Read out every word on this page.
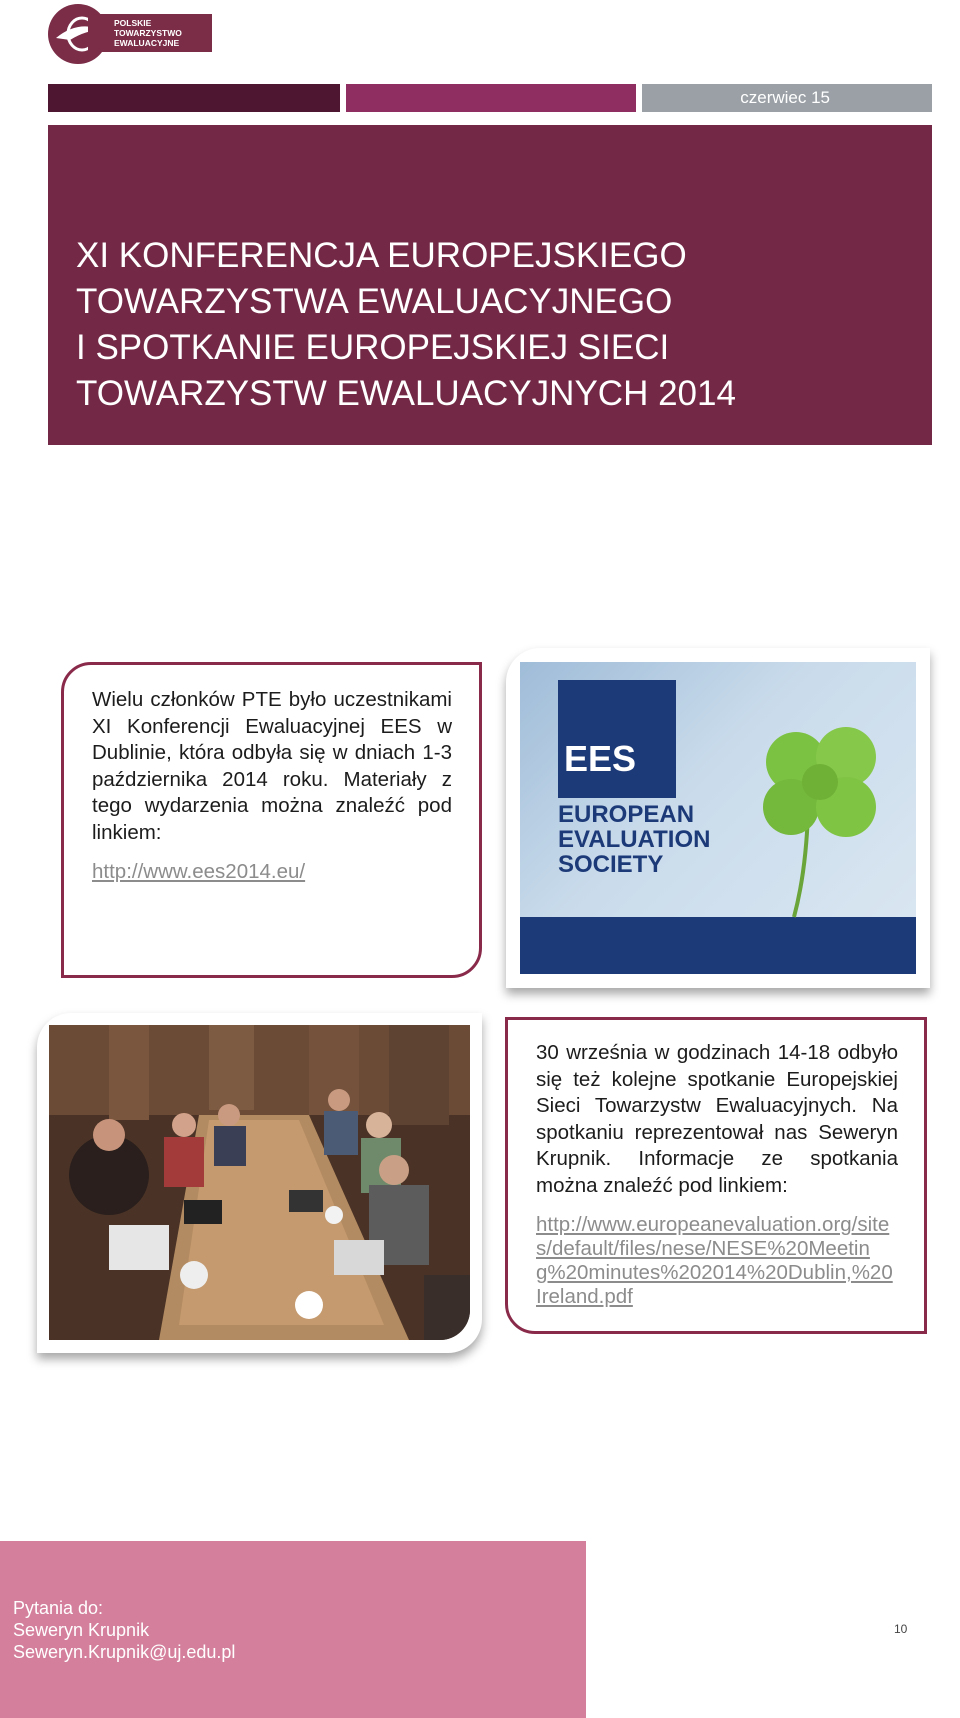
POLSKIE
TOWARZYSTWO
EWALUACYJNE
czerwiec 15
XI KONFERENCJA EUROPEJSKIEGO
TOWARZYSTWA EWALUACYJNEGO
I SPOTKANIE EUROPEJSKIEJ SIECI
TOWARZYSTW EWALUACYJNYCH 2014

Wielu członków PTE było uczestnikami XI Konferencji Ewaluacyjnej EES w Dublinie, która odbyła się w dniach 1-3 października 2014 roku. Materiały z tego wydarzenia można znaleźć pod linkiem:

http://www.ees2014.eu/
EES
EUROPEAN
EVALUATION
SOCIETY

30 września w godzinach 14-18 odbyło się też kolejne spotkanie Europejskiej Sieci Towarzystw Ewaluacyjnych. Na spotkaniu reprezentował nas Seweryn Krupnik. Informacje ze spotkania można znaleźć pod linkiem:

http://www.europeanevaluation.org/sites/default/files/nese/NESE%20Meeting%20minutes%202014%20Dublin,%20Ireland.pdf
Pytania do:
Seweryn Krupnik
Seweryn.Krupnik@uj.edu.pl
10
